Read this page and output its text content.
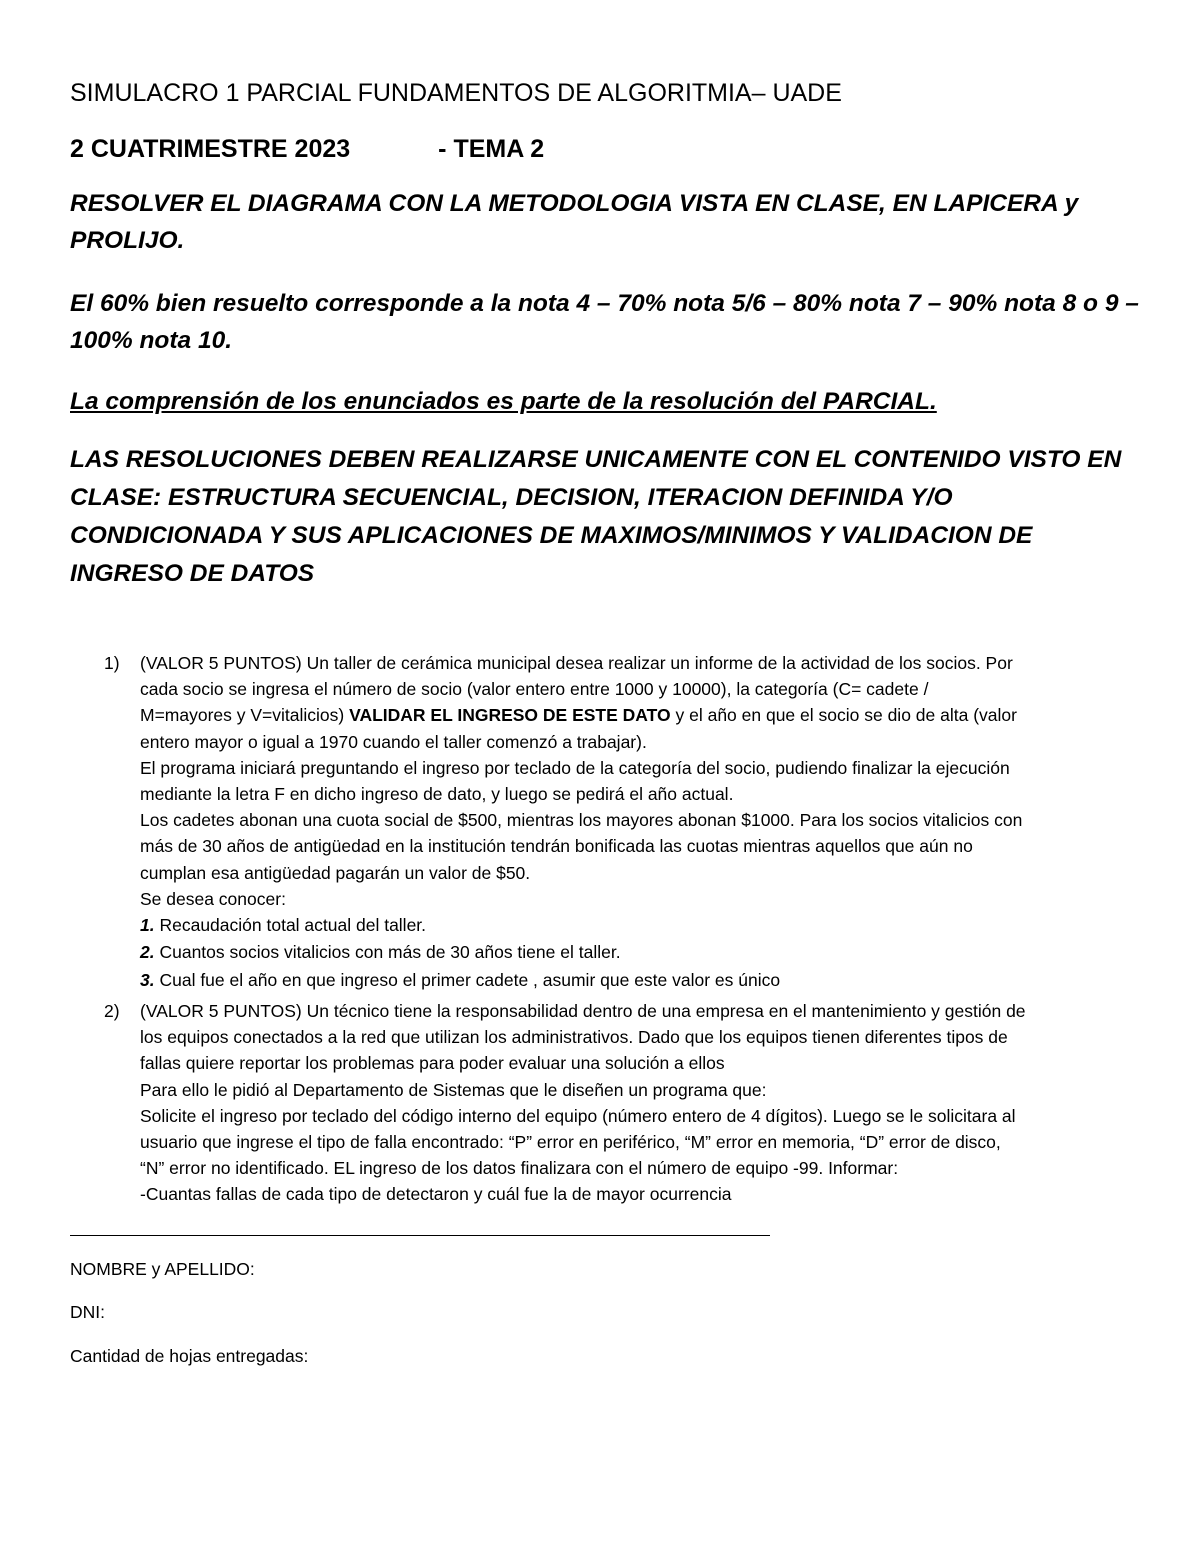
SIMULACRO 1 PARCIAL FUNDAMENTOS DE ALGORITMIA– UADE
2 CUATRIMESTRE 2023	- TEMA 2
RESOLVER EL DIAGRAMA CON LA METODOLOGIA VISTA EN CLASE, EN LAPICERA y PROLIJO.
El 60% bien resuelto corresponde a la nota 4 – 70% nota 5/6 – 80% nota 7 – 90% nota 8 o 9 – 100% nota 10.
La comprensión de los enunciados es parte de la resolución del PARCIAL.
LAS RESOLUCIONES DEBEN REALIZARSE UNICAMENTE CON EL CONTENIDO VISTO EN CLASE: ESTRUCTURA SECUENCIAL, DECISION, ITERACION DEFINIDA Y/O CONDICIONADA Y SUS APLICACIONES DE MAXIMOS/MINIMOS Y VALIDACION DE INGRESO DE DATOS
1)	(VALOR 5 PUNTOS) Un taller de cerámica municipal desea realizar un informe de la actividad de los socios. Por
cada socio se ingresa el número de socio (valor entero entre 1000 y 10000), la categoría (C= cadete /
M=mayores y V=vitalicios) VALIDAR EL INGRESO DE ESTE DATO y el año en que el socio se dio de alta (valor
entero mayor o igual a 1970 cuando el taller comenzó a trabajar).
El programa iniciará preguntando el ingreso por teclado de la categoría del socio, pudiendo finalizar la ejecución
mediante la letra F en dicho ingreso de dato, y luego se pedirá el año actual.
Los cadetes abonan una cuota social de $500, mientras los mayores abonan $1000. Para los socios vitalicios con
más de 30 años de antigüedad en la institución tendrán bonificada las cuotas mientras aquellos que aún no
cumplan esa antigüedad pagarán un valor de $50.
Se desea conocer:
1. Recaudación total actual del taller.
2. Cuantos socios vitalicios con más de 30 años tiene el taller.
3. Cual fue el año en que ingreso el primer cadete , asumir que este valor es único
2)	(VALOR 5 PUNTOS) Un técnico tiene la responsabilidad dentro de una empresa en el mantenimiento y gestión de
los equipos conectados a la red que utilizan los administrativos. Dado que los equipos tienen diferentes tipos de
fallas quiere reportar los problemas para poder evaluar una solución a ellos
Para ello le pidió al Departamento de Sistemas que le diseñen un programa que:
Solicite el ingreso por teclado del código interno del equipo (número entero de 4 dígitos). Luego se le solicitara al
usuario que ingrese el tipo de falla encontrado: “P” error en periférico, “M” error en memoria, “D” error de disco,
“N” error no identificado. EL ingreso de los datos finalizara con el número de equipo -99. Informar:
-Cuantas fallas de cada tipo de detectaron y cuál fue la de mayor ocurrencia
NOMBRE y APELLIDO:
DNI:
Cantidad de hojas entregadas:
